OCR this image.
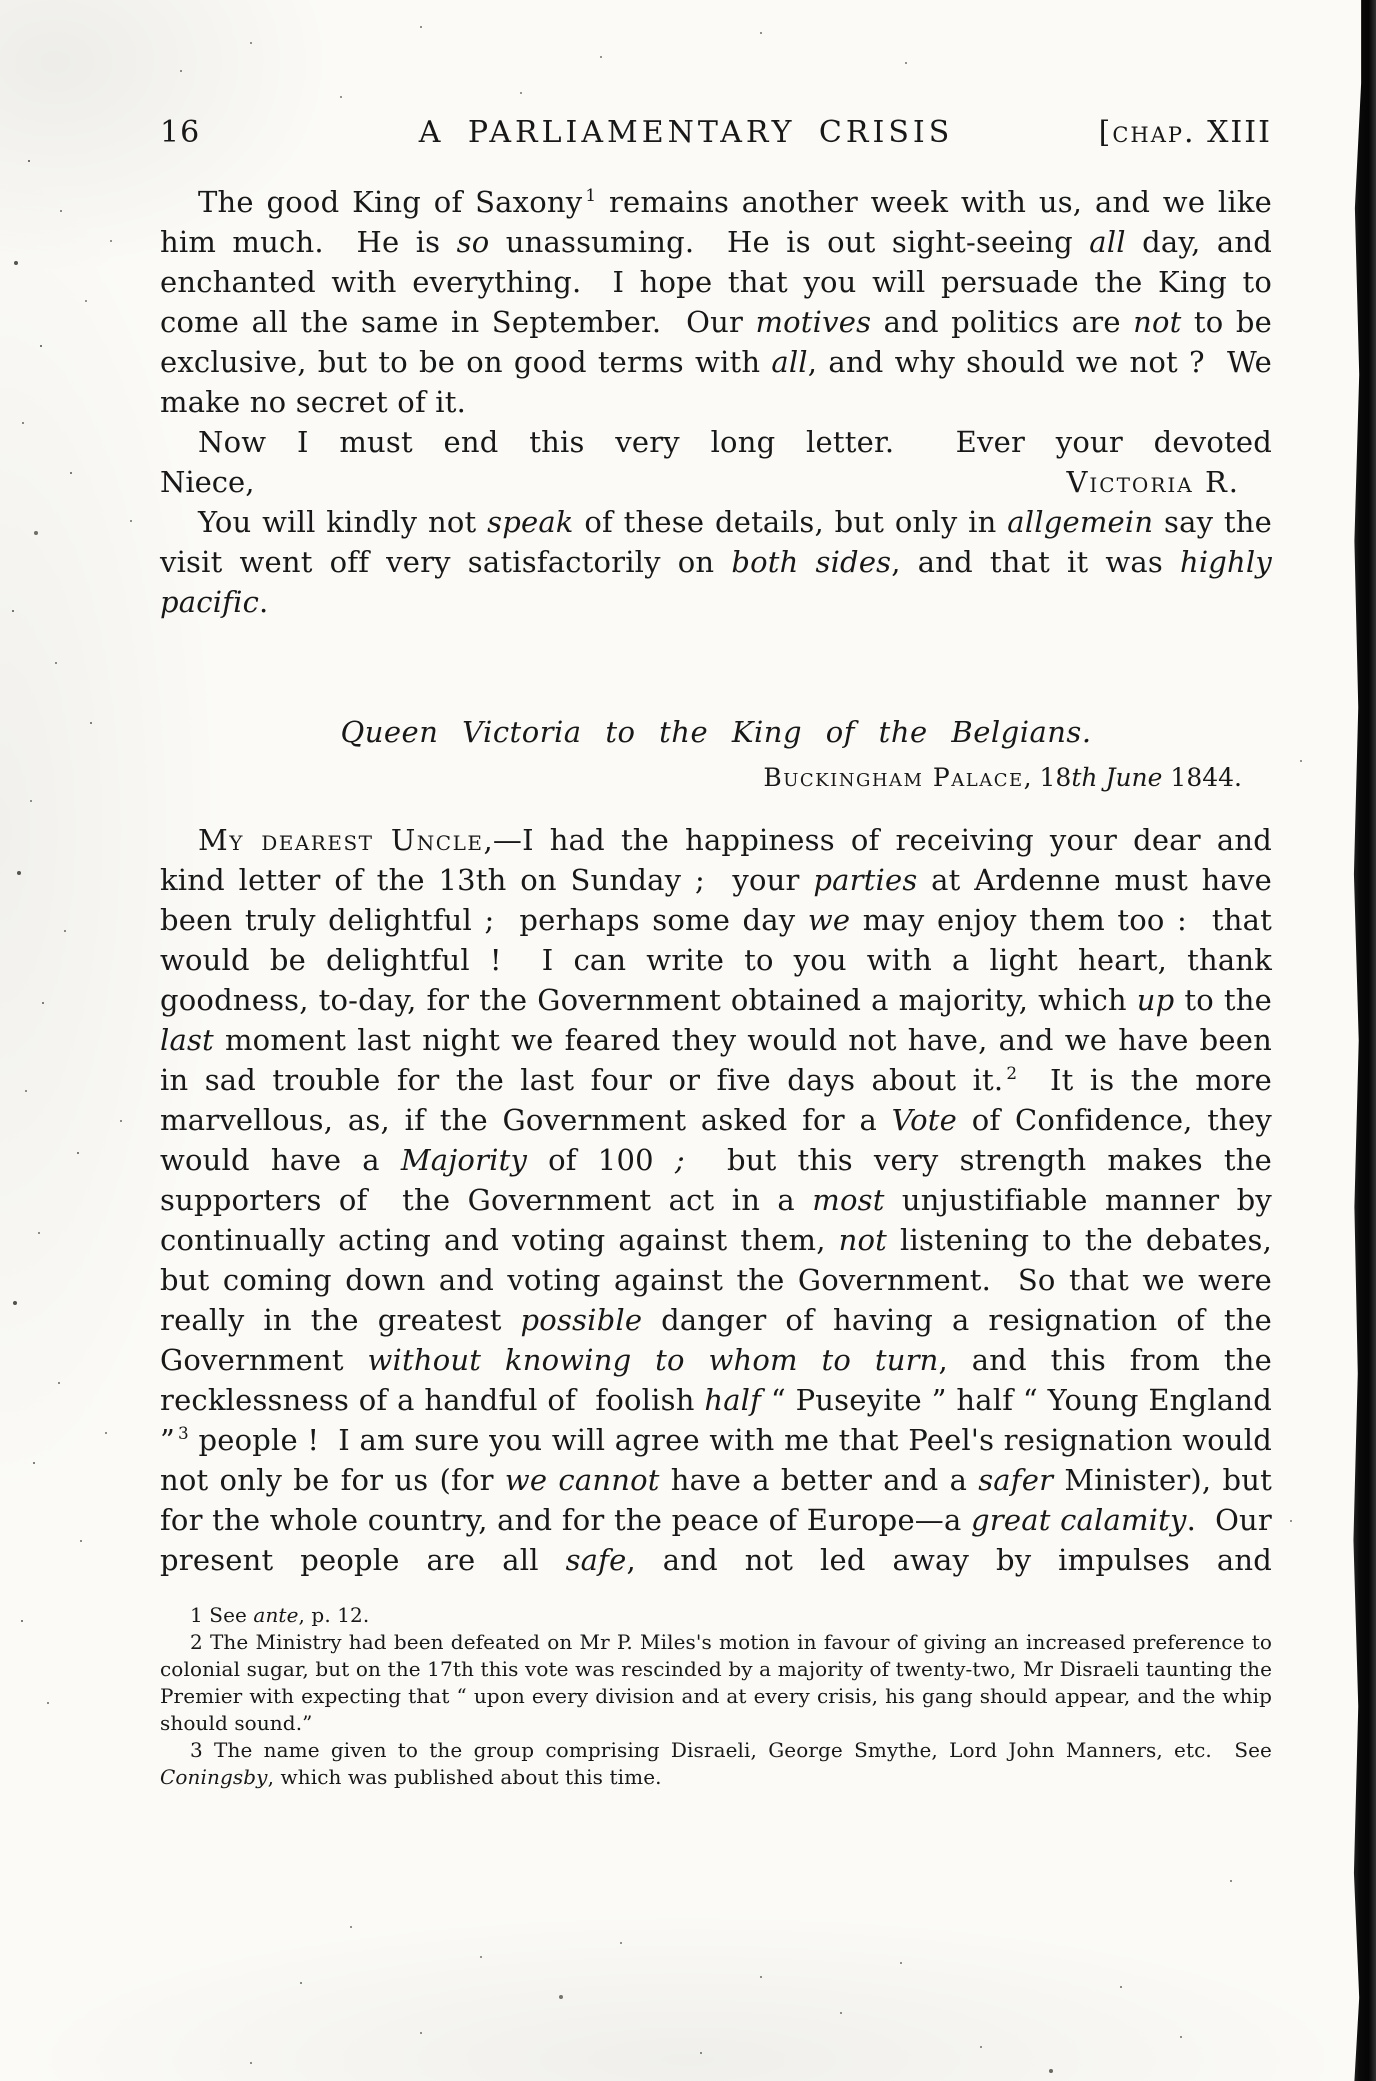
16	A PARLIAMENTARY CRISIS	[chap. XIII

The good King of Saxony $^1$ remains another week with us, and we like him much.  He is so unassuming.  He is out sight-seeing all day, and enchanted with everything.  I hope that you will persuade the King to come all the same in September.  Our motives and politics are not to be exclusive, but to be on good terms with all, and why should we not ?  We make no secret of it.

Now I must end this very long letter.  Ever your devoted

Niece,	Victoria R.

You will kindly not speak of these details, but only in allgemein say the visit went off very satisfactorily on both sides, and that it was highly pacific.

Queen Victoria to the King of the Belgians.
Buckingham Palace, 18th June 1844.

My dearest Uncle,—I had the happiness of receiving your dear and kind letter of the 13th on Sunday ;  your parties at Ardenne must have been truly delightful ;  perhaps some day we may enjoy them too :  that would be delightful !  I can write to you with a light heart, thank goodness, to-day, for the Government obtained a majority, which up to the last moment last night we feared they would not have, and we have been in sad trouble for the last four or five days about it. $^2$  It is the more marvellous, as, if the Government asked for a Vote of Confidence, they would have a Majority of 100 ;  but this very strength makes the supporters of  the Government act in a most unjustifiable manner by continually acting and voting against them, not listening to the debates, but coming down and voting against the Government.  So that we were really in the greatest possible danger of having a resignation of the Government without knowing to whom to turn, and this from the recklessness of a handful of  foolish half “ Puseyite ” half “ Young England ” $^3$ people !  I am sure you will agree with me that Peel's resignation would not only be for us (for we cannot have a better and a safer Minister), but for the whole country, and for the peace of Europe—a great calamity.  Our present people are all safe, and not led away by impulses and

1 See ante, p. 12.

2 The Ministry had been defeated on Mr P. Miles's motion in favour of giving an increased preference to colonial sugar, but on the 17th this vote was rescinded by a majority of twenty-two, Mr Disraeli taunting the Premier with expecting that “ upon every division and at every crisis, his gang should appear, and the whip should sound.”

3 The name given to the group comprising Disraeli, George Smythe, Lord John Manners, etc.  See Coningsby, which was published about this time.
